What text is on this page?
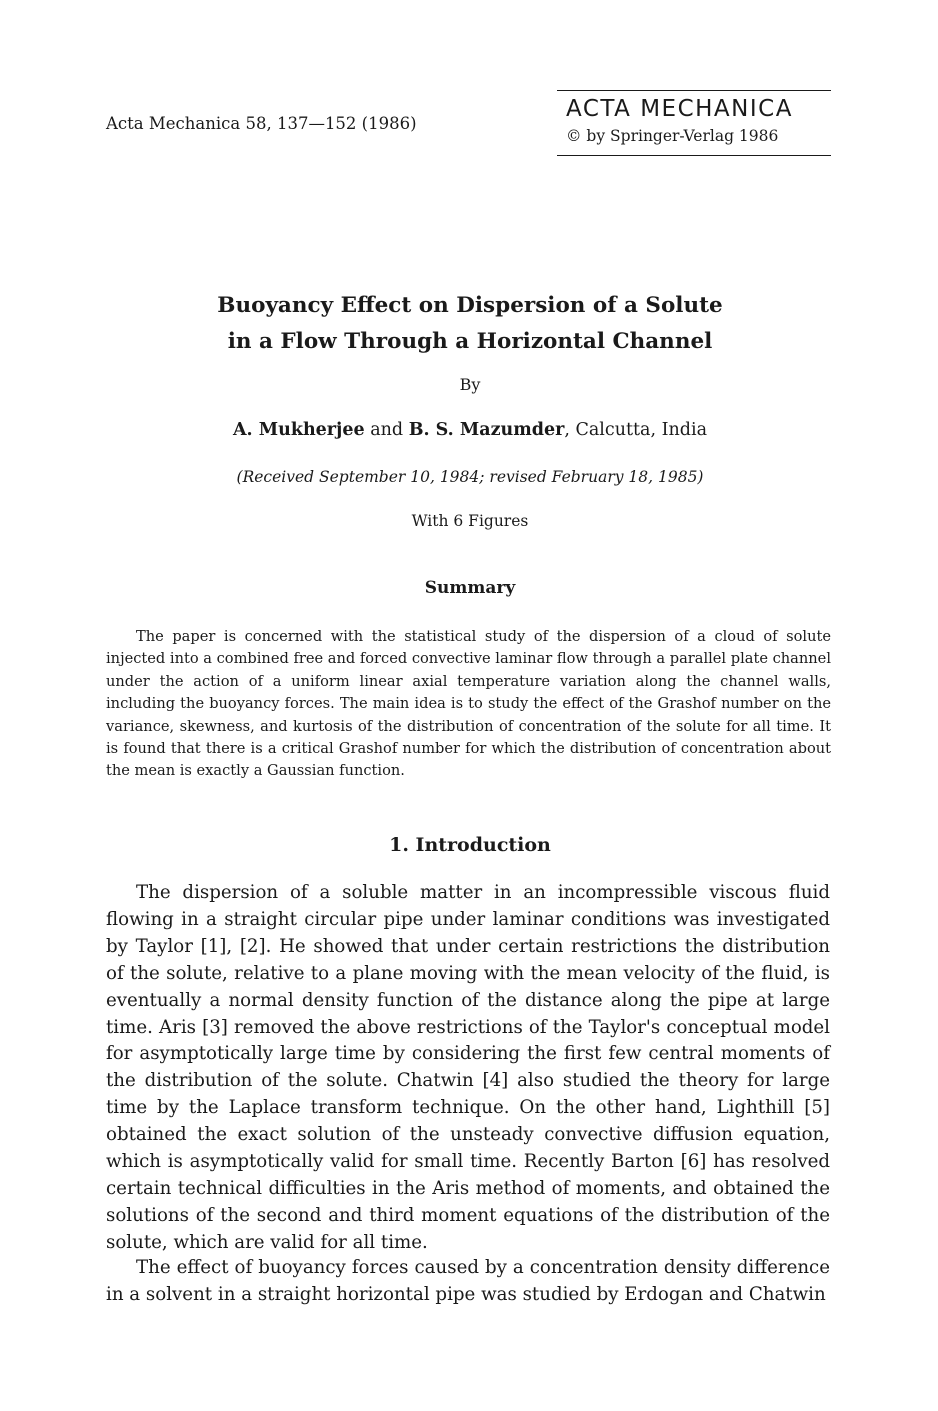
Acta Mechanica 58, 137—152 (1986)
ACTA MECHANICA
© by Springer-Verlag 1986
Buoyancy Effect on Dispersion of a Solute
in a Flow Through a Horizontal Channel
By
A. Mukherjee and B. S. Mazumder, Calcutta, India
(Received September 10, 1984; revised February 18, 1985)
With 6 Figures
Summary

The paper is concerned with the statistical study of the dispersion of a cloud of solute injected into a combined free and forced convective laminar flow through a parallel plate channel under the action of a uniform linear axial temperature variation along the channel walls, including the buoyancy forces. The main idea is to study the effect of the Grashof number on the variance, skewness, and kurtosis of the distribution of concentration of the solute for all time. It is found that there is a critical Grashof number for which the distribution of concentration about the mean is exactly a Gaussian function.

1. Introduction

The dispersion of a soluble matter in an incompressible viscous fluid flowing in a straight circular pipe under laminar conditions was investigated by Taylor [1], [2]. He showed that under certain restrictions the distribution of the solute, relative to a plane moving with the mean velocity of the fluid, is eventually a normal density function of the distance along the pipe at large time. Aris [3] removed the above restrictions of the Taylor's conceptual model for asymptotically large time by considering the first few central moments of the distribution of the solute. Chatwin [4] also studied the theory for large time by the Laplace transform technique. On the other hand, Lighthill [5] obtained the exact solution of the unsteady convective diffusion equation, which is asymptotically valid for small time. Recently Barton [6] has resolved certain technical difficulties in the Aris method of moments, and obtained the solutions of the second and third moment equations of the distribution of the solute, which are valid for all time.

The effect of buoyancy forces caused by a concentration density difference in a solvent in a straight horizontal pipe was studied by Erdogan and Chatwin
